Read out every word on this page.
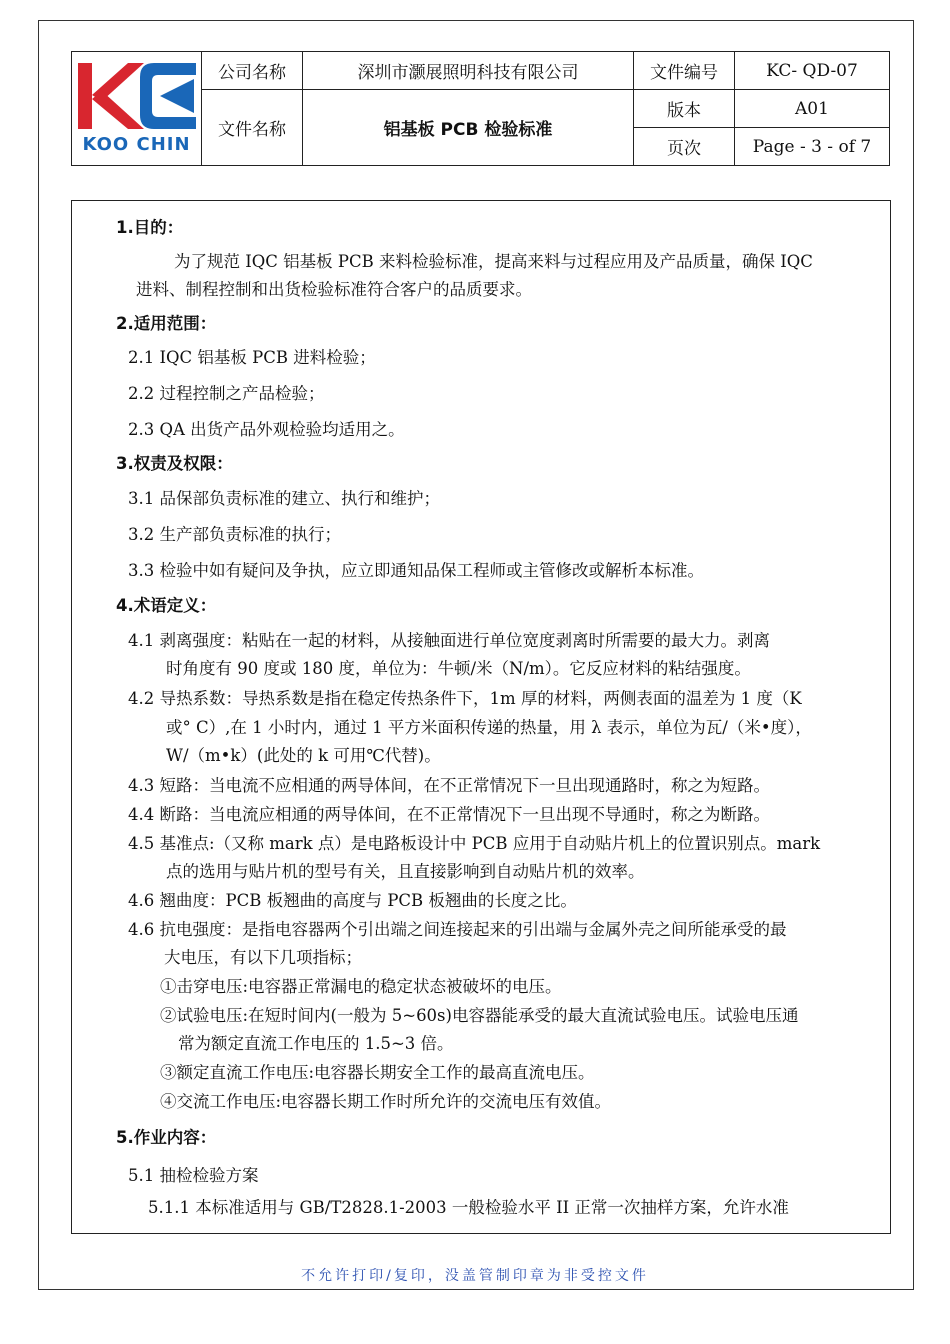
KOO CHIN	公司名称	深圳市灏展照明科技有限公司	文件编号	KC- QD-07
	文件名称	铝基板 PCB 检验标准	版本	A01
			页次	Page - 3 - of 7
1.目的：
为了规范 IQC 铝基板 PCB 来料检验标准，提高来料与过程应用及产品质量，确保 IQC
进料、制程控制和出货检验标准符合客户的品质要求。
2.适用范围：
2.1 IQC 铝基板 PCB 进料检验；
2.2 过程控制之产品检验；
2.3 QA 出货产品外观检验均适用之。
3.权责及权限：
3.1 品保部负责标准的建立、执行和维护；
3.2 生产部负责标准的执行；
3.3 检验中如有疑问及争执，应立即通知品保工程师或主管修改或解析本标准。
4.术语定义：
4.1 剥离强度：粘贴在一起的材料，从接触面进行单位宽度剥离时所需要的最大力。剥离
时角度有 90 度或 180 度，单位为：牛顿/米（N/m）。它反应材料的粘结强度。
4.2 导热系数：导热系数是指在稳定传热条件下，1m 厚的材料，两侧表面的温差为 1 度（K
或° C）,在 1 小时内，通过 1 平方米面积传递的热量，用 λ 表示，单位为瓦/（米•度），
W/（m•k）(此处的 k 可用℃代替)。
4.3 短路：当电流不应相通的两导体间，在不正常情况下一旦出现通路时，称之为短路。
4.4 断路：当电流应相通的两导体间，在不正常情况下一旦出现不导通时，称之为断路。
4.5 基准点:（又称 mark 点）是电路板设计中 PCB 应用于自动贴片机上的位置识别点。mark
点的选用与贴片机的型号有关，且直接影响到自动贴片机的效率。
4.6 翘曲度：PCB 板翘曲的高度与 PCB 板翘曲的长度之比。
4.6 抗电强度：是指电容器两个引出端之间连接起来的引出端与金属外壳之间所能承受的最
大电压，有以下几项指标；
①击穿电压:电容器正常漏电的稳定状态被破坏的电压。
②试验电压:在短时间内(一般为 5~60s)电容器能承受的最大直流试验电压。试验电压通
常为额定直流工作电压的 1.5~3 倍。
③额定直流工作电压:电容器长期安全工作的最高直流电压。
④交流工作电压:电容器长期工作时所允许的交流电压有效值。
5.作业内容：
5.1 抽检检验方案
5.1.1 本标准适用与 GB/T2828.1-2003 一般检验水平 II 正常一次抽样方案，允许水准
不允许打印/复印，没盖管制印章为非受控文件
